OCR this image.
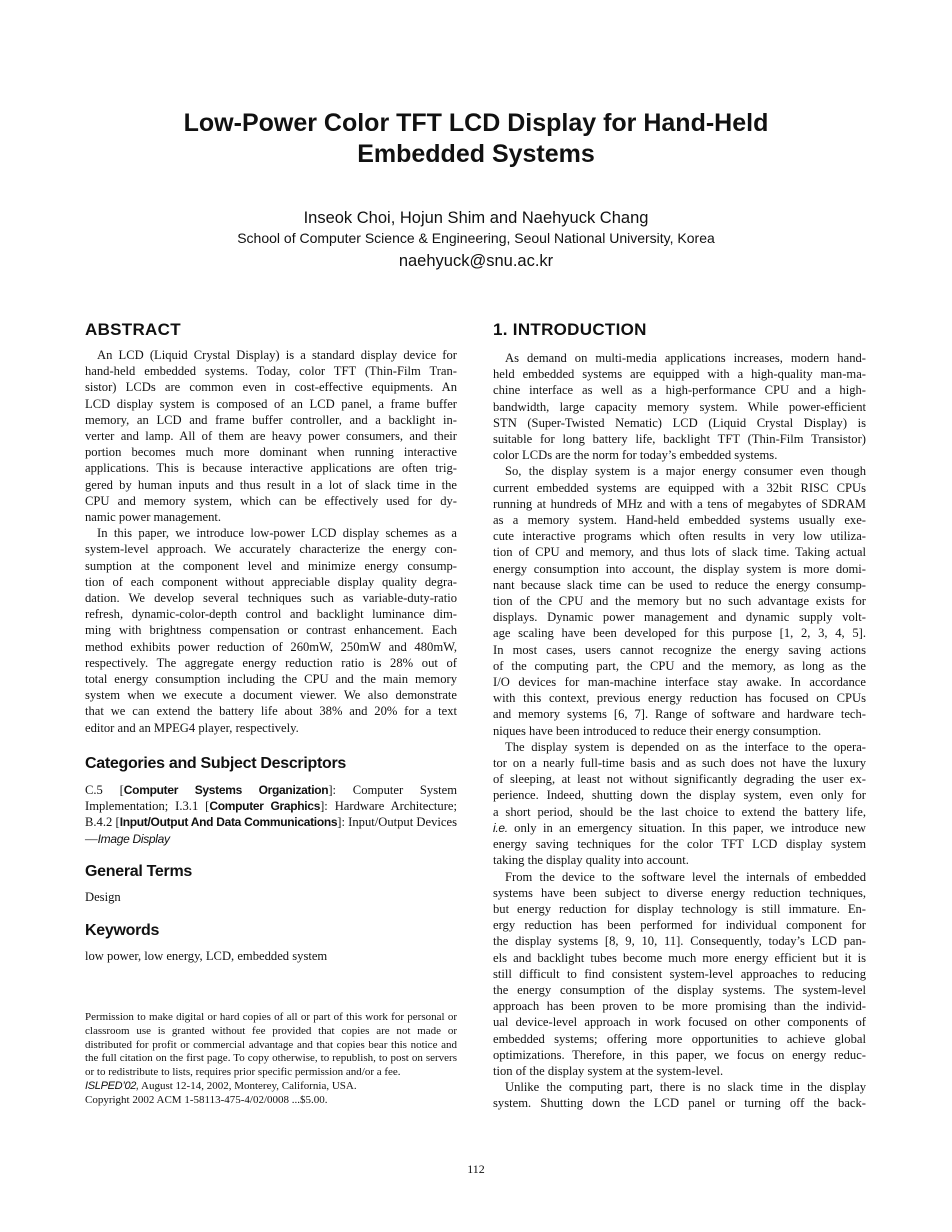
Low-Power Color TFT LCD Display for Hand-Held
Embedded Systems
Inseok Choi, Hojun Shim and Naehyuck Chang
School of Computer Science & Engineering, Seoul National University, Korea
naehyuck@snu.ac.kr
ABSTRACT
An LCD (Liquid Crystal Display) is a standard display device for
hand-held embedded systems. Today, color TFT (Thin-Film Tran-
sistor) LCDs are common even in cost-effective equipments. An
LCD display system is composed of an LCD panel, a frame buffer
memory, an LCD and frame buffer controller, and a backlight in-
verter and lamp. All of them are heavy power consumers, and their
portion becomes much more dominant when running interactive
applications. This is because interactive applications are often trig-
gered by human inputs and thus result in a lot of slack time in the
CPU and memory system, which can be effectively used for dy-
namic power management.
In this paper, we introduce low-power LCD display schemes as a
system-level approach. We accurately characterize the energy con-
sumption at the component level and minimize energy consump-
tion of each component without appreciable display quality degra-
dation. We develop several techniques such as variable-duty-ratio
refresh, dynamic-color-depth control and backlight luminance dim-
ming with brightness compensation or contrast enhancement. Each
method exhibits power reduction of 260mW, 250mW and 480mW,
respectively. The aggregate energy reduction ratio is 28% out of
total energy consumption including the CPU and the main memory
system when we execute a document viewer. We also demonstrate
that we can extend the battery life about 38% and 20% for a text
editor and an MPEG4 player, respectively.
Categories and Subject Descriptors
C.5 [Computer Systems Organization]: Computer System Implementation; I.3.1 [Computer Graphics]: Hardware Architecture; B.4.2 [Input/Output And Data Communications]: Input/Output Devices—Image Display
General Terms
Design
Keywords
low power, low energy, LCD, embedded system
Permission to make digital or hard copies of all or part of this work for personal or classroom use is granted without fee provided that copies are not made or distributed for profit or commercial advantage and that copies bear this notice and the full citation on the first page. To copy otherwise, to republish, to post on servers or to redistribute to lists, requires prior specific permission and/or a fee.
ISLPED’02, August 12-14, 2002, Monterey, California, USA.
Copyright 2002 ACM 1-58113-475-4/02/0008 ...$5.00.
1. INTRODUCTION
As demand on multi-media applications increases, modern hand-
held embedded systems are equipped with a high-quality man-ma-
chine interface as well as a high-performance CPU and a high-
bandwidth, large capacity memory system. While power-efficient
STN (Super-Twisted Nematic) LCD (Liquid Crystal Display) is
suitable for long battery life, backlight TFT (Thin-Film Transistor)
color LCDs are the norm for today’s embedded systems.
So, the display system is a major energy consumer even though
current embedded systems are equipped with a 32bit RISC CPUs
running at hundreds of MHz and with a tens of megabytes of SDRAM
as a memory system. Hand-held embedded systems usually exe-
cute interactive programs which often results in very low utiliza-
tion of CPU and memory, and thus lots of slack time. Taking actual
energy consumption into account, the display system is more domi-
nant because slack time can be used to reduce the energy consump-
tion of the CPU and the memory but no such advantage exists for
displays. Dynamic power management and dynamic supply volt-
age scaling have been developed for this purpose [1, 2, 3, 4, 5].
In most cases, users cannot recognize the energy saving actions
of the computing part, the CPU and the memory, as long as the
I/O devices for man-machine interface stay awake. In accordance
with this context, previous energy reduction has focused on CPUs
and memory systems [6, 7]. Range of software and hardware tech-
niques have been introduced to reduce their energy consumption.
The display system is depended on as the interface to the opera-
tor on a nearly full-time basis and as such does not have the luxury
of sleeping, at least not without significantly degrading the user ex-
perience. Indeed, shutting down the display system, even only for
a short period, should be the last choice to extend the battery life,
i.e. only in an emergency situation. In this paper, we introduce new
energy saving techniques for the color TFT LCD display system
taking the display quality into account.
From the device to the software level the internals of embedded
systems have been subject to diverse energy reduction techniques,
but energy reduction for display technology is still immature. En-
ergy reduction has been performed for individual component for
the display systems [8, 9, 10, 11]. Consequently, today’s LCD pan-
els and backlight tubes become much more energy efficient but it is
still difficult to find consistent system-level approaches to reducing
the energy consumption of the display systems. The system-level
approach has been proven to be more promising than the individ-
ual device-level approach in work focused on other components of
embedded systems; offering more opportunities to achieve global
optimizations. Therefore, in this paper, we focus on energy reduc-
tion of the display system at the system-level.
Unlike the computing part, there is no slack time in the display
system. Shutting down the LCD panel or turning off the back-
112
